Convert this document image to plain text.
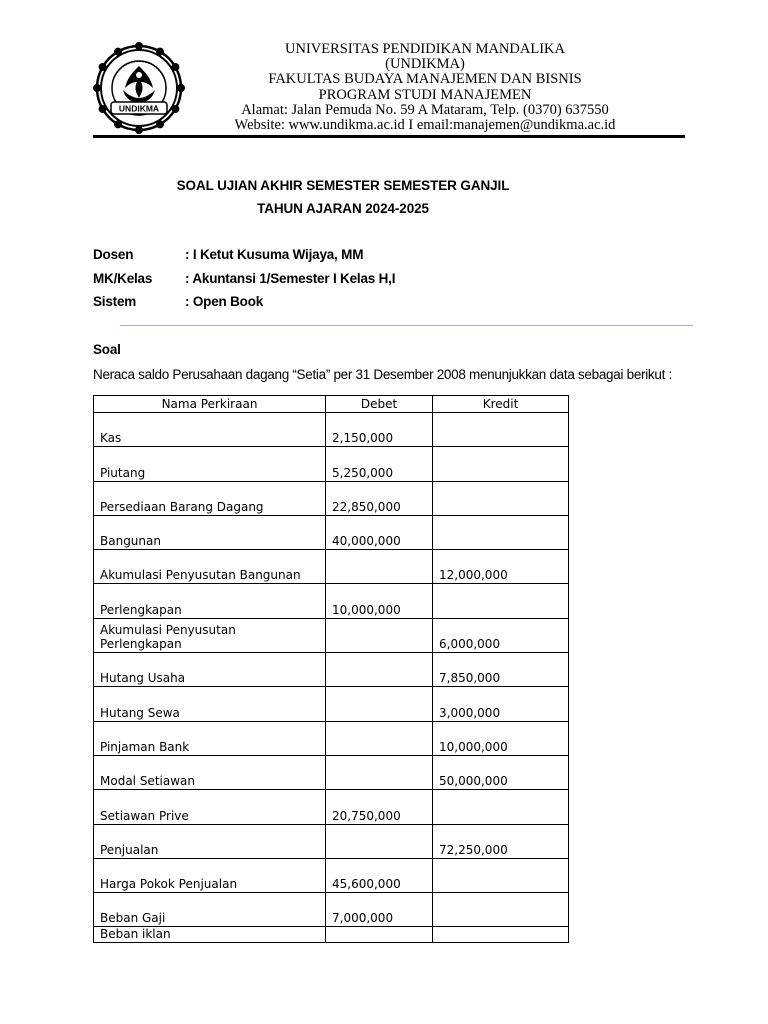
UNDIKMA
UNIVERSITAS PENDIDIKAN MANDALIKA
(UNDIKMA)
FAKULTAS BUDAYA MANAJEMEN DAN BISNIS
PROGRAM STUDI MANAJEMEN
Alamat: Jalan Pemuda No. 59 A Mataram, Telp. (0370) 637550
Website: www.undikma.ac.id I email:manajemen@undikma.ac.id
SOAL UJIAN AKHIR SEMESTER SEMESTER GANJIL
TAHUN AJARAN 2024-2025
Dosen	: I Ketut Kusuma Wijaya, MM
MK/Kelas : Akuntansi 1/Semester I Kelas H,I
Sistem	: Open Book
Soal
Neraca saldo Perusahaan dagang “Setia” per 31 Desember 2008 menunjukkan data sebagai berikut :
Nama Perkiraan	Debet	Kredit
Kas	2,150,000	
Piutang	5,250,000	
Persediaan Barang Dagang	22,850,000	
Bangunan	40,000,000	
Akumulasi Penyusutan Bangunan		12,000,000
Perlengkapan	10,000,000	
Akumulasi Penyusutan Perlengkapan		6,000,000
Hutang Usaha		7,850,000
Hutang Sewa		3,000,000
Pinjaman Bank		10,000,000
Modal Setiawan		50,000,000
Setiawan Prive	20,750,000	
Penjualan		72,250,000
Harga Pokok Penjualan	45,600,000	
Beban Gaji	7,000,000	
Beban iklan		
